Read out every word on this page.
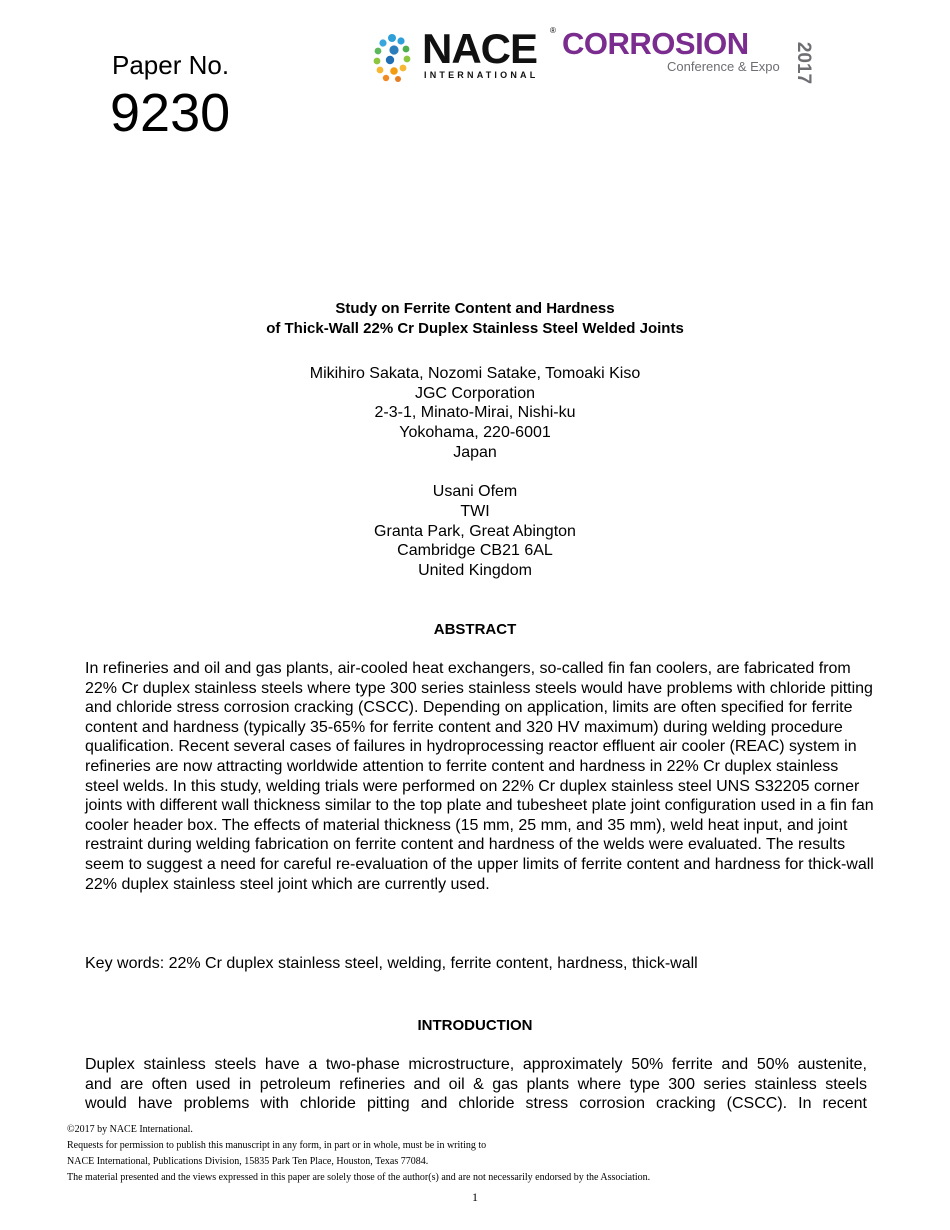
Paper No.
9230
NACE ®
INTERNATIONAL
CORROSION
Conference & Expo 2017
Study on Ferrite Content and Hardness
of Thick-Wall 22% Cr Duplex Stainless Steel Welded Joints
Mikihiro Sakata, Nozomi Satake, Tomoaki Kiso
JGC Corporation
2-3-1, Minato-Mirai, Nishi-ku
Yokohama, 220-6001
Japan
Usani Ofem
TWI
Granta Park, Great Abington
Cambridge CB21 6AL
United Kingdom
ABSTRACT
In refineries and oil and gas plants, air-cooled heat exchangers, so-called fin fan coolers, are fabricated from 22% Cr duplex stainless steels where type 300 series stainless steels would have problems with chloride pitting and chloride stress corrosion cracking (CSCC). Depending on application, limits are often specified for ferrite content and hardness (typically 35-65% for ferrite content and 320 HV maximum) during welding procedure qualification. Recent several cases of failures in hydroprocessing reactor effluent air cooler (REAC) system in refineries are now attracting worldwide attention to ferrite content and hardness in 22% Cr duplex stainless steel welds. In this study, welding trials were performed on 22% Cr duplex stainless steel UNS S32205 corner joints with different wall thickness similar to the top plate and tubesheet plate joint configuration used in a fin fan cooler header box. The effects of material thickness (15 mm, 25 mm, and 35 mm), weld heat input, and joint restraint during welding fabrication on ferrite content and hardness of the welds were evaluated. The results seem to suggest a need for careful re-evaluation of the upper limits of ferrite content and hardness for thick-wall 22% duplex stainless steel joint which are currently used.
Key words: 22% Cr duplex stainless steel, welding, ferrite content, hardness, thick-wall
INTRODUCTION
Duplex stainless steels have a two-phase microstructure, approximately 50% ferrite and 50% austenite,
and are often used in petroleum refineries and oil & gas plants where type 300 series stainless steels
would have problems with chloride pitting and chloride stress corrosion cracking (CSCC). In recent
©2017 by NACE International.
Requests for permission to publish this manuscript in any form, in part or in whole, must be in writing to
NACE International, Publications Division, 15835 Park Ten Place, Houston, Texas 77084.
The material presented and the views expressed in this paper are solely those of the author(s) and are not necessarily endorsed by the Association.
1
